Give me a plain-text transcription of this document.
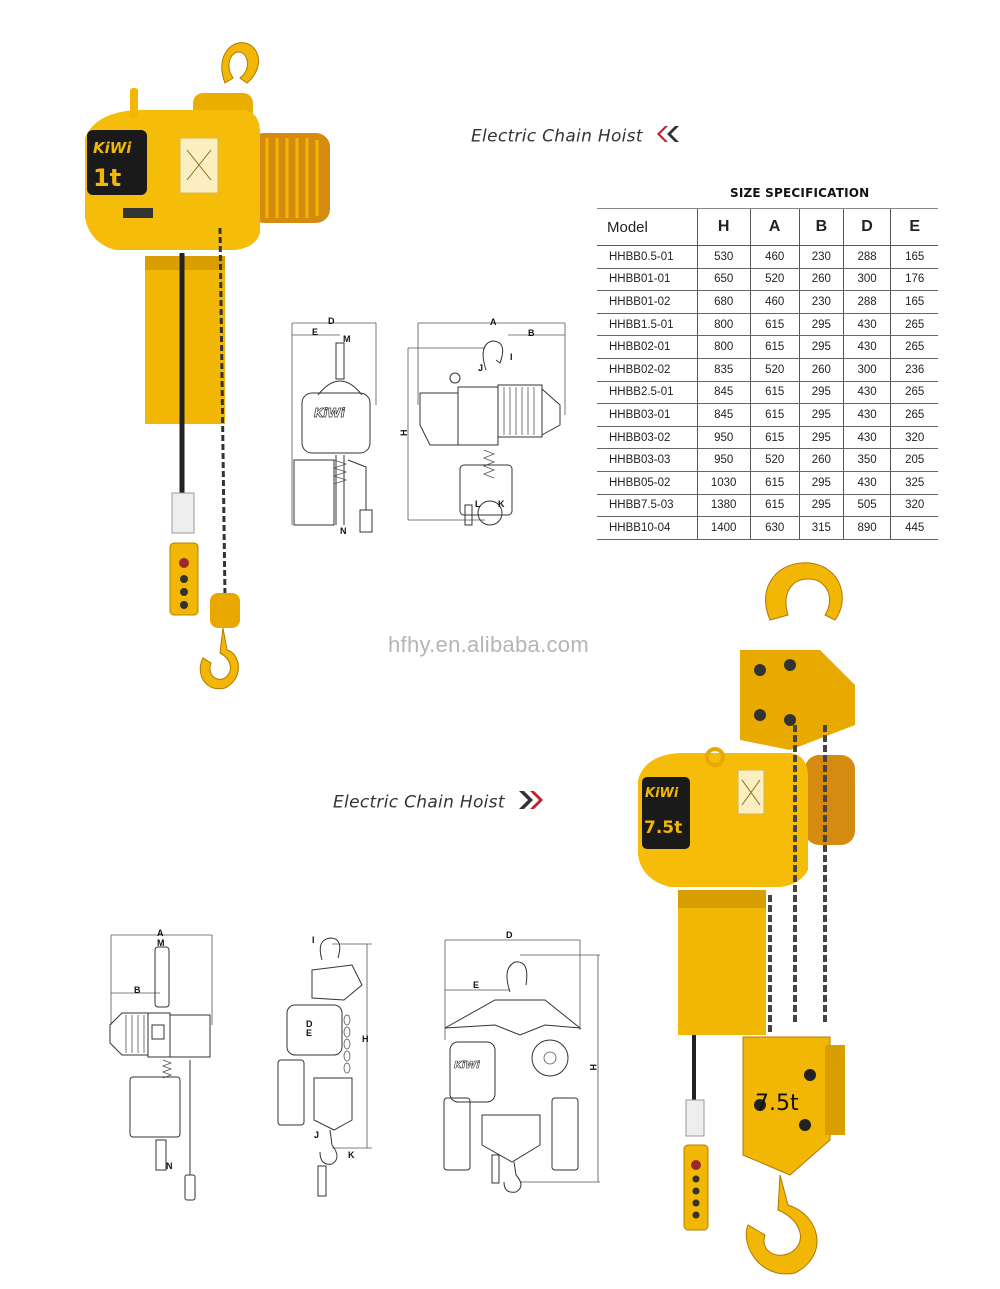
KiWi
1t
Electric Chain Hoist
SIZE SPECIFICATION
Model	H	A	B	D	E
HHBB0.5-01	530	460	230	288	165
HHBB01-01	650	520	260	300	176
HHBB01-02	680	460	230	288	165
HHBB1.5-01	800	615	295	430	265
HHBB02-01	800	615	295	430	265
HHBB02-02	835	520	260	300	236
HHBB2.5-01	845	615	295	430	265
HHBB03-01	845	615	295	430	265
HHBB03-02	950	615	295	430	320
HHBB03-03	950	520	260	350	205
HHBB05-02	1030	615	295	430	325
HHBB7.5-03	1380	615	295	505	320
HHBB10-04	1400	630	315	890	445
D
E
M
KiWi
N
A
B
H
I
J
L K
hfhy.en.alibaba.com
Electric Chain Hoist
A
M
B
N
I
D
E
H
J
K
D
E
H
KiWi
KiWi
7.5t
7.5t
